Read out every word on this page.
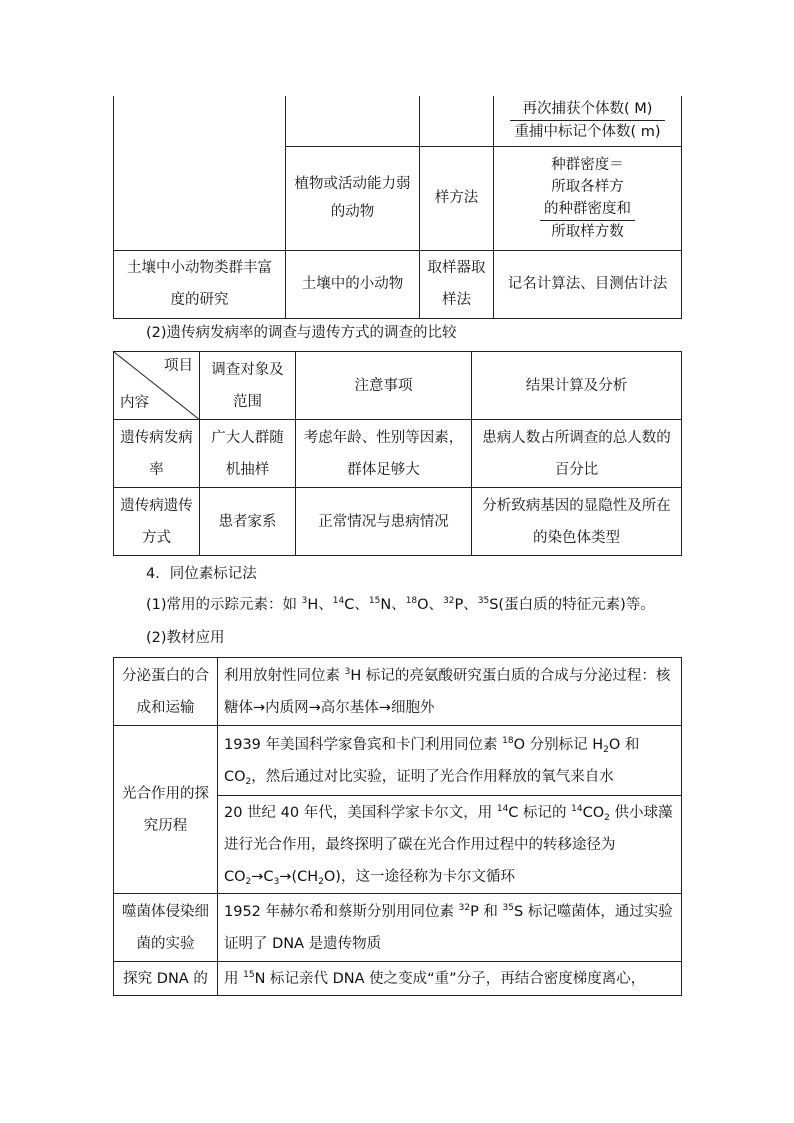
			$\frac{\text{再次捕获个体数( M)}}{\text{重捕中标记个体数( m)}}$

	植物或活动能力弱的动物	样方法	种群密度＝
所取各样方
$\frac{\text{的种群密度和}}{\text{所取样方数}}$

土壤中小动物类群丰富度的研究	土壤中的小动物	取样器取样法	记名计算法、目测估计法
(2)遗传病发病率的调查与遗传方式的调查的比较
项目
内容	调查对象及范围	注意事项	结果计算及分析
遗传病发病率	广大人群随机抽样	考虑年龄、性别等因素，群体足够大	患病人数占所调查的总人数的百分比
遗传病遗传方式	患者家系	正常情况与患病情况	分析致病基因的显隐性及所在的染色体类型
4．同位素标记法
(1)常用的示踪元素：如 $^3$H、$^{14}$C、$^{15}$N、$^{18}$O、$^{32}$P、$^{35}$S(蛋白质的特征元素)等。
(2)教材应用
分泌蛋白的合成和运输	利用放射性同位素 $^3$H 标记的亮氨酸研究蛋白质的合成与分泌过程：核糖体→内质网→高尔基体→细胞外
光合作用的探究历程	1939 年美国科学家鲁宾和卡门利用同位素 $^{18}$O 分别标记 $H_2O$ 和
$CO_2$，然后通过对比实验，证明了光合作用释放的氧气来自水
	20 世纪 40 年代，美国科学家卡尔文，用 $^{14}$C 标记的 $^{14}CO_2$ 供小球藻进行光合作用，最终探明了碳在光合作用过程中的转移途径为
$CO_2\to C_3\to(CH_2O)$，这一途径称为卡尔文循环
噬菌体侵染细菌的实验	1952 年赫尔希和蔡斯分别用同位素 $^{32}$P 和 $^{35}$S 标记噬菌体，通过实验证明了 DNA 是遗传物质
探究 DNA 的	用 $^{15}$N 标记亲代 DNA 使之变成“重”分子，再结合密度梯度离心，
